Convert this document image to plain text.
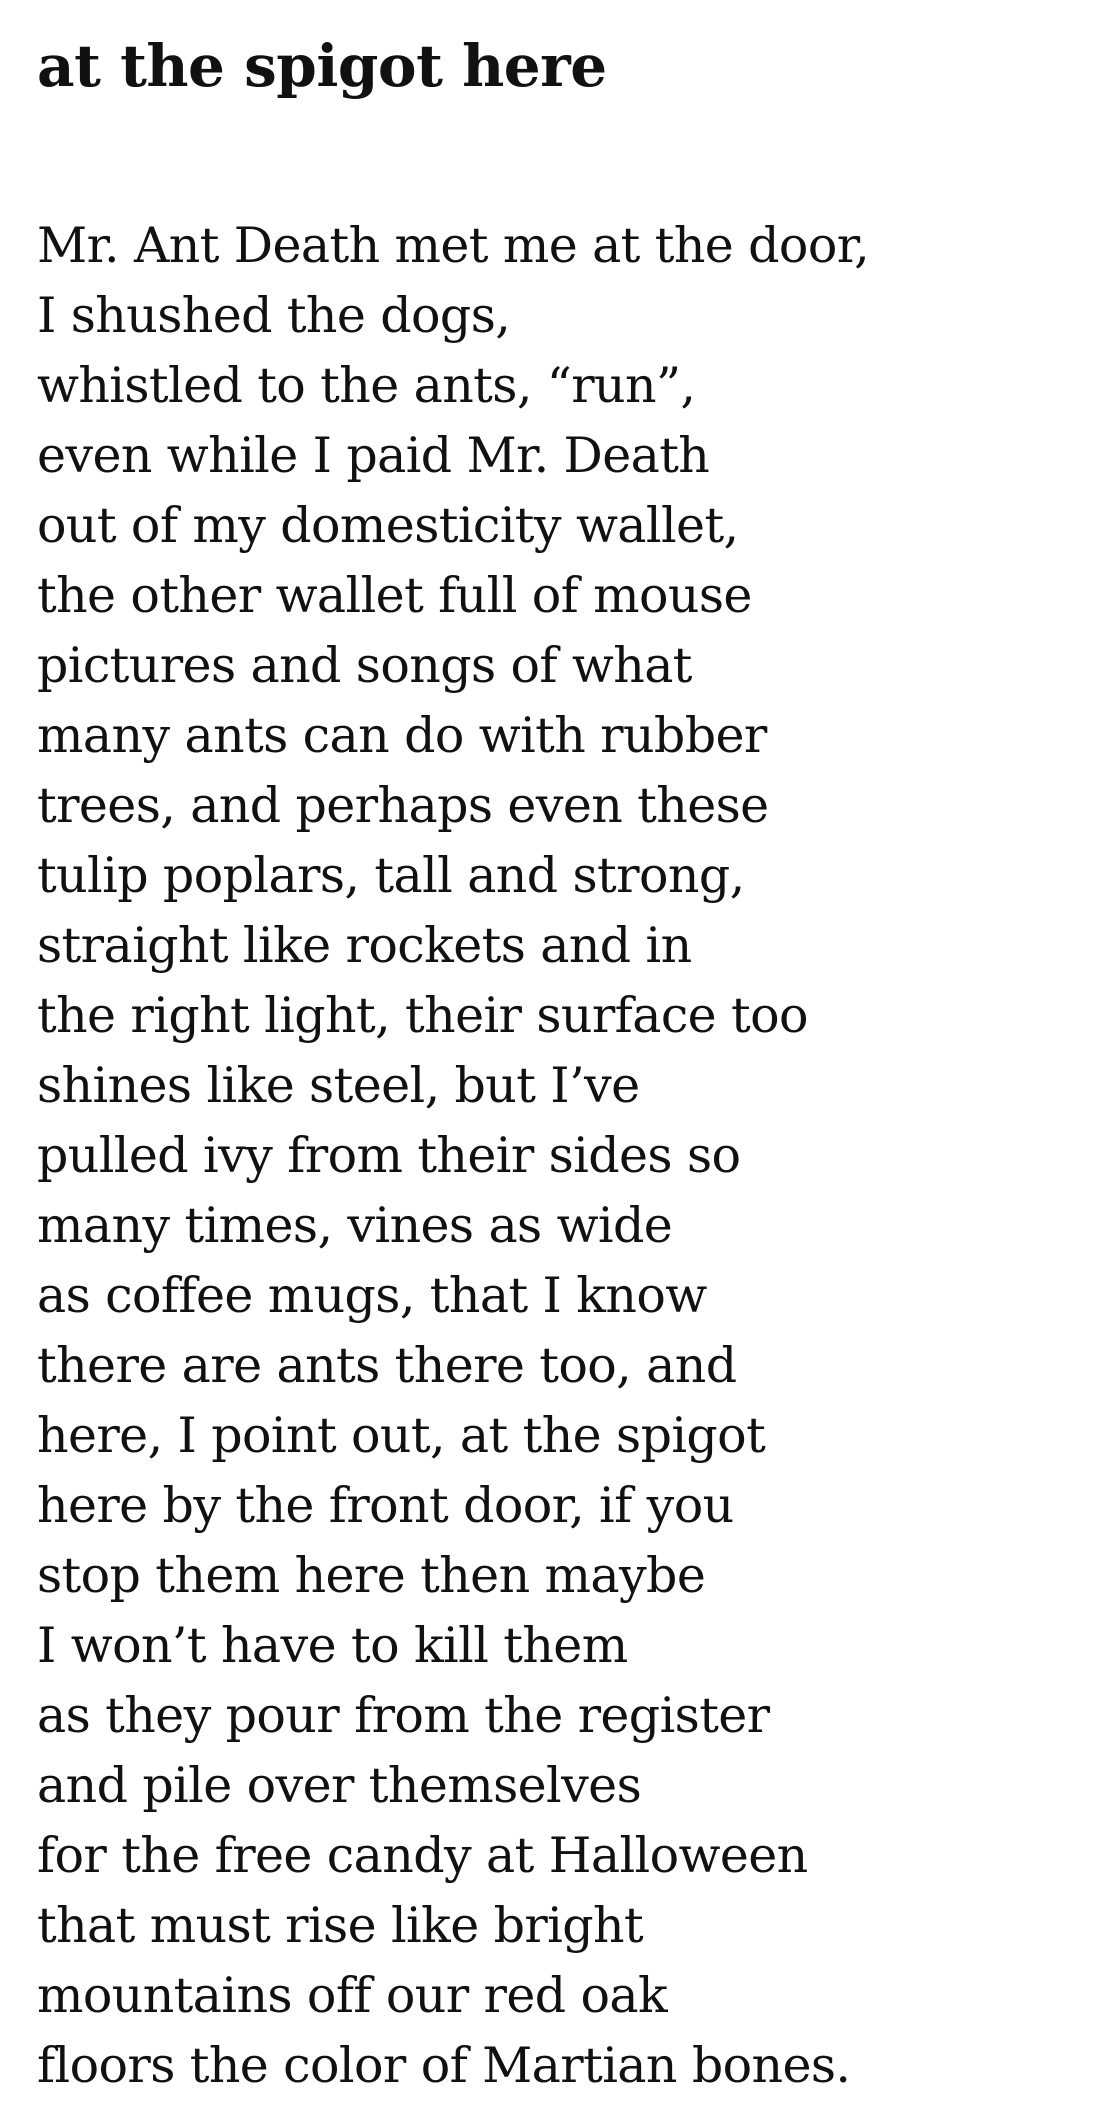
at the spigot here
Mr. Ant Death met me at the door,
I shushed the dogs,
whistled to the ants, “run”,
even while I paid Mr. Death
out of my domesticity wallet,
the other wallet full of mouse
pictures and songs of what
many ants can do with rubber
trees, and perhaps even these
tulip poplars, tall and strong,
straight like rockets and in
the right light, their surface too
shines like steel, but I’ve
pulled ivy from their sides so
many times, vines as wide
as coffee mugs, that I know
there are ants there too, and
here, I point out, at the spigot
here by the front door, if you
stop them here then maybe
I won’t have to kill them
as they pour from the register
and pile over themselves
for the free candy at Halloween
that must rise like bright
mountains off our red oak
floors the color of Martian bones.
